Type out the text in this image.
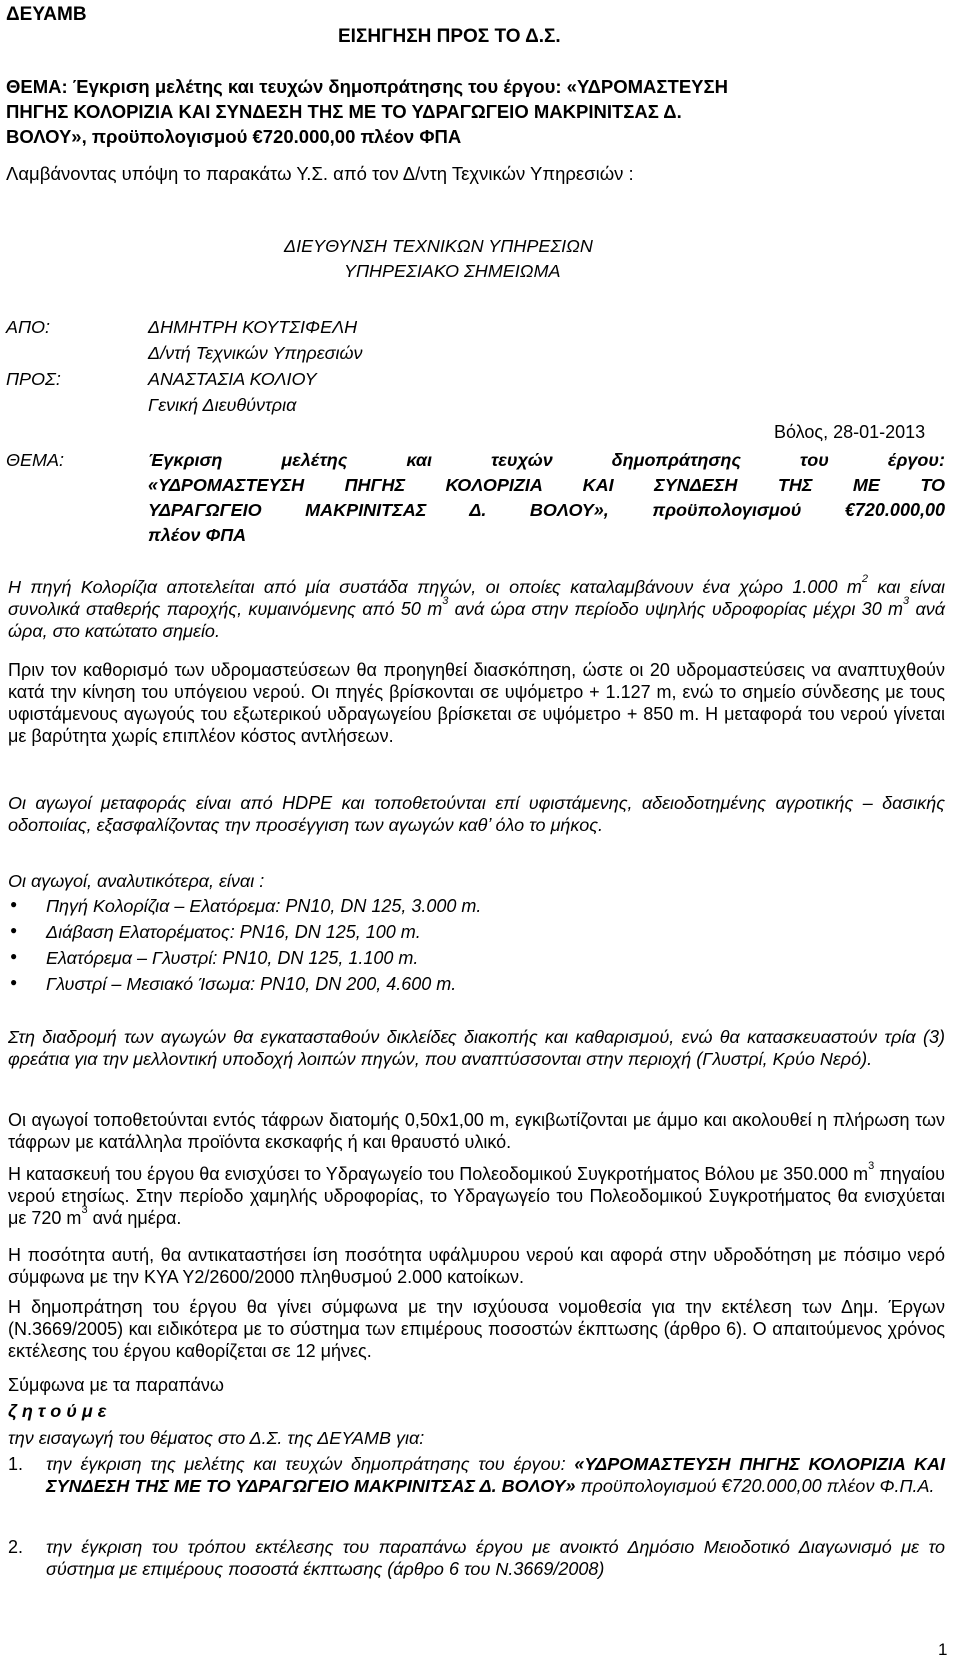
ΔΕΥΑΜΒ
ΕΙΣΗΓΗΣΗ ΠΡΟΣ ΤΟ Δ.Σ.
ΘΕΜΑ: Έγκριση μελέτης και τευχών δημοπράτησης του έργου: «ΥΔΡΟΜΑΣΤΕΥΣΗ
ΠΗΓΗΣ ΚΟΛΟΡΙΖΙΑ ΚΑΙ ΣΥΝΔΕΣΗ ΤΗΣ ΜΕ ΤΟ ΥΔΡΑΓΩΓΕΙΟ ΜΑΚΡΙΝΙΤΣΑΣ Δ.
ΒΟΛΟΥ», προϋπολογισμού €720.000,00 πλέον ΦΠΑ
Λαμβάνοντας υπόψη το παρακάτω Υ.Σ. από τον Δ/ντη Τεχνικών Υπηρεσιών :
ΔΙΕΥΘΥΝΣΗ ΤΕΧΝΙΚΩΝ ΥΠΗΡΕΣΙΩΝ
ΥΠΗΡΕΣΙΑΚΟ ΣΗΜΕΙΩΜΑ
ΑΠΟ:	ΔΗΜΗΤΡΗ ΚΟΥΤΣΙΦΕΛΗ
Δ/ντή Τεχνικών Υπηρεσιών
ΠΡΟΣ:	ΑΝΑΣΤΑΣΙΑ ΚΟΛΙΟΥ
Γενική Διευθύντρια
Βόλος, 28-01-2013
ΘΕΜΑ:	Έγκριση μελέτης και τευχών δημοπράτησης του έργου:
«ΥΔΡΟΜΑΣΤΕΥΣΗ ΠΗΓΗΣ ΚΟΛΟΡΙΖΙΑ ΚΑΙ ΣΥΝΔΕΣΗ ΤΗΣ ΜΕ ΤΟ
ΥΔΡΑΓΩΓΕΙΟ ΜΑΚΡΙΝΙΤΣΑΣ Δ. ΒΟΛΟΥ», προϋπολογισμού €720.000,00
πλέον ΦΠΑ
Η πηγή Κολορίζια αποτελείται από μία συστάδα πηγών, οι οποίες καταλαμβάνουν ένα χώρο 1.000 $m^2$ και είναι συνολικά σταθερής παροχής, κυμαινόμενης από 50 $m^3$ ανά ώρα στην περίοδο υψηλής υδροφορίας μέχρι 30 $m^3$ ανά ώρα, στο κατώτατο σημείο.
Πριν τον καθορισμό των υδρομαστεύσεων θα προηγηθεί διασκόπηση, ώστε οι 20 υδρομαστεύσεις να αναπτυχθούν κατά την κίνηση του υπόγειου νερού. Οι πηγές βρίσκονται σε υψόμετρο + 1.127 m, ενώ το σημείο σύνδεσης με τους υφιστάμενους αγωγούς του εξωτερικού υδραγωγείου βρίσκεται σε υψόμετρο + 850 m. Η μεταφορά του νερού γίνεται με βαρύτητα χωρίς επιπλέον κόστος αντλήσεων.
Οι αγωγοί μεταφοράς είναι από HDPE και τοποθετούνται επί υφιστάμενης, αδειοδοτημένης αγροτικής – δασικής οδοποιίας, εξασφαλίζοντας την προσέγγιση των αγωγών καθ’ όλο το μήκος.
Οι αγωγοί, αναλυτικότερα, είναι :
● Πηγή Κολορίζια – Ελατόρεμα: PN10, DN 125, 3.000 m.
● Διάβαση Ελατορέματος: PN16, DN 125, 100 m.
● Ελατόρεμα – Γλυστρί: PN10, DN 125, 1.100 m.
● Γλυστρί – Μεσιακό Ίσωμα: PN10, DN 200, 4.600 m.
Στη διαδρομή των αγωγών θα εγκατασταθούν δικλείδες διακοπής και καθαρισμού, ενώ θα κατασκευαστούν τρία (3) φρεάτια για την μελλοντική υποδοχή λοιπών πηγών, που αναπτύσσονται στην περιοχή (Γλυστρί, Κρύο Νερό).
Οι αγωγοί τοποθετούνται εντός τάφρων διατομής 0,50x1,00 m, εγκιβωτίζονται με άμμο και ακολουθεί η πλήρωση των τάφρων με κατάλληλα προϊόντα εκσκαφής ή και θραυστό υλικό.
Η κατασκευή του έργου θα ενισχύσει το Υδραγωγείο του Πολεοδομικού Συγκροτήματος Βόλου με 350.000 $m^3$ πηγαίου νερού ετησίως. Στην περίοδο χαμηλής υδροφορίας, το Υδραγωγείο του Πολεοδομικού Συγκροτήματος θα ενισχύεται με 720 $m^3$ ανά ημέρα.
Η ποσότητα αυτή, θα αντικαταστήσει ίση ποσότητα υφάλμυρου νερού και αφορά στην υδροδότηση με πόσιμο νερό σύμφωνα με την ΚΥΑ Υ2/2600/2000 πληθυσμού 2.000 κατοίκων.
Η δημοπράτηση του έργου θα γίνει σύμφωνα με την ισχύουσα νομοθεσία για την εκτέλεση των Δημ. Έργων (Ν.3669/2005) και ειδικότερα με το σύστημα των επιμέρους ποσοστών έκπτωσης (άρθρο 6). Ο απαιτούμενος χρόνος εκτέλεσης του έργου καθορίζεται σε 12 μήνες.
Σύμφωνα με τα παραπάνω
ζ η τ ο ύ μ ε
την εισαγωγή του θέματος στο Δ.Σ. της ΔΕΥΑΜΒ για:
1. την έγκριση της μελέτης και τευχών δημοπράτησης του έργου: «ΥΔΡΟΜΑΣΤΕΥΣΗ ΠΗΓΗΣ ΚΟΛΟΡΙΖΙΑ ΚΑΙ ΣΥΝΔΕΣΗ ΤΗΣ ΜΕ ΤΟ ΥΔΡΑΓΩΓΕΙΟ ΜΑΚΡΙΝΙΤΣΑΣ Δ. ΒΟΛΟΥ» προϋπολογισμού €720.000,00 πλέον Φ.Π.Α.
2. την έγκριση του τρόπου εκτέλεσης του παραπάνω έργου με ανοικτό Δημόσιο Μειοδοτικό Διαγωνισμό με το σύστημα με επιμέρους ποσοστά έκπτωσης (άρθρο 6 του Ν.3669/2008)
1
